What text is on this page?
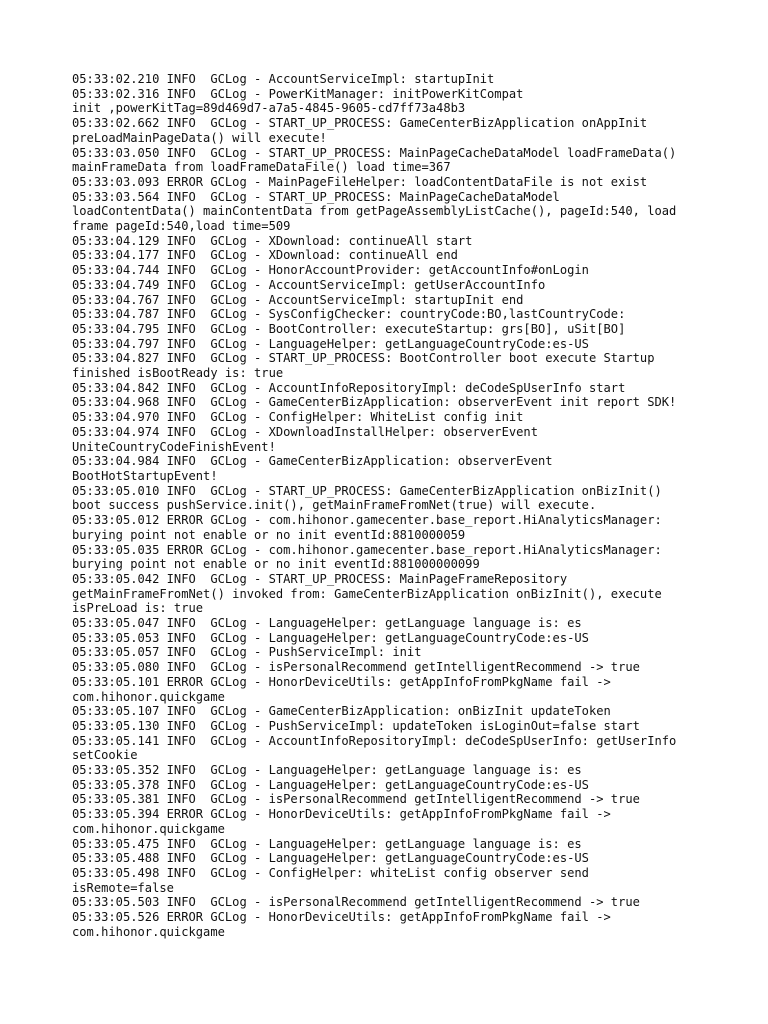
05:33:02.210 INFO  GCLog - AccountServiceImpl: startupInit
05:33:02.316 INFO  GCLog - PowerKitManager: initPowerKitCompat
init ,powerKitTag=89d469d7-a7a5-4845-9605-cd7ff73a48b3
05:33:02.662 INFO  GCLog - START_UP_PROCESS: GameCenterBizApplication onAppInit
preLoadMainPageData() will execute!
05:33:03.050 INFO  GCLog - START_UP_PROCESS: MainPageCacheDataModel loadFrameData()
mainFrameData from loadFrameDataFile() load time=367
05:33:03.093 ERROR GCLog - MainPageFileHelper: loadContentDataFile is not exist
05:33:03.564 INFO  GCLog - START_UP_PROCESS: MainPageCacheDataModel
loadContentData() mainContentData from getPageAssemblyListCache(), pageId:540, load
frame pageId:540,load time=509
05:33:04.129 INFO  GCLog - XDownload: continueAll start
05:33:04.177 INFO  GCLog - XDownload: continueAll end
05:33:04.744 INFO  GCLog - HonorAccountProvider: getAccountInfo#onLogin
05:33:04.749 INFO  GCLog - AccountServiceImpl: getUserAccountInfo
05:33:04.767 INFO  GCLog - AccountServiceImpl: startupInit end
05:33:04.787 INFO  GCLog - SysConfigChecker: countryCode:BO,lastCountryCode:
05:33:04.795 INFO  GCLog - BootController: executeStartup: grs[BO], uSit[BO]
05:33:04.797 INFO  GCLog - LanguageHelper: getLanguageCountryCode:es-US
05:33:04.827 INFO  GCLog - START_UP_PROCESS: BootController boot execute Startup
finished isBootReady is: true
05:33:04.842 INFO  GCLog - AccountInfoRepositoryImpl: deCodeSpUserInfo start
05:33:04.968 INFO  GCLog - GameCenterBizApplication: observerEvent init report SDK!
05:33:04.970 INFO  GCLog - ConfigHelper: WhiteList config init
05:33:04.974 INFO  GCLog - XDownloadInstallHelper: observerEvent
UniteCountryCodeFinishEvent!
05:33:04.984 INFO  GCLog - GameCenterBizApplication: observerEvent
BootHotStartupEvent!
05:33:05.010 INFO  GCLog - START_UP_PROCESS: GameCenterBizApplication onBizInit()
boot success pushService.init(), getMainFrameFromNet(true) will execute.
05:33:05.012 ERROR GCLog - com.hihonor.gamecenter.base_report.HiAnalyticsManager:
burying point not enable or no init eventId:8810000059
05:33:05.035 ERROR GCLog - com.hihonor.gamecenter.base_report.HiAnalyticsManager:
burying point not enable or no init eventId:881000000099
05:33:05.042 INFO  GCLog - START_UP_PROCESS: MainPageFrameRepository
getMainFrameFromNet() invoked from: GameCenterBizApplication onBizInit(), execute
isPreLoad is: true
05:33:05.047 INFO  GCLog - LanguageHelper: getLanguage language is: es
05:33:05.053 INFO  GCLog - LanguageHelper: getLanguageCountryCode:es-US
05:33:05.057 INFO  GCLog - PushServiceImpl: init
05:33:05.080 INFO  GCLog - isPersonalRecommend getIntelligentRecommend -> true
05:33:05.101 ERROR GCLog - HonorDeviceUtils: getAppInfoFromPkgName fail ->
com.hihonor.quickgame
05:33:05.107 INFO  GCLog - GameCenterBizApplication: onBizInit updateToken
05:33:05.130 INFO  GCLog - PushServiceImpl: updateToken isLoginOut=false start
05:33:05.141 INFO  GCLog - AccountInfoRepositoryImpl: deCodeSpUserInfo: getUserInfo
setCookie
05:33:05.352 INFO  GCLog - LanguageHelper: getLanguage language is: es
05:33:05.378 INFO  GCLog - LanguageHelper: getLanguageCountryCode:es-US
05:33:05.381 INFO  GCLog - isPersonalRecommend getIntelligentRecommend -> true
05:33:05.394 ERROR GCLog - HonorDeviceUtils: getAppInfoFromPkgName fail ->
com.hihonor.quickgame
05:33:05.475 INFO  GCLog - LanguageHelper: getLanguage language is: es
05:33:05.488 INFO  GCLog - LanguageHelper: getLanguageCountryCode:es-US
05:33:05.498 INFO  GCLog - ConfigHelper: whiteList config observer send
isRemote=false
05:33:05.503 INFO  GCLog - isPersonalRecommend getIntelligentRecommend -> true
05:33:05.526 ERROR GCLog - HonorDeviceUtils: getAppInfoFromPkgName fail ->
com.hihonor.quickgame
